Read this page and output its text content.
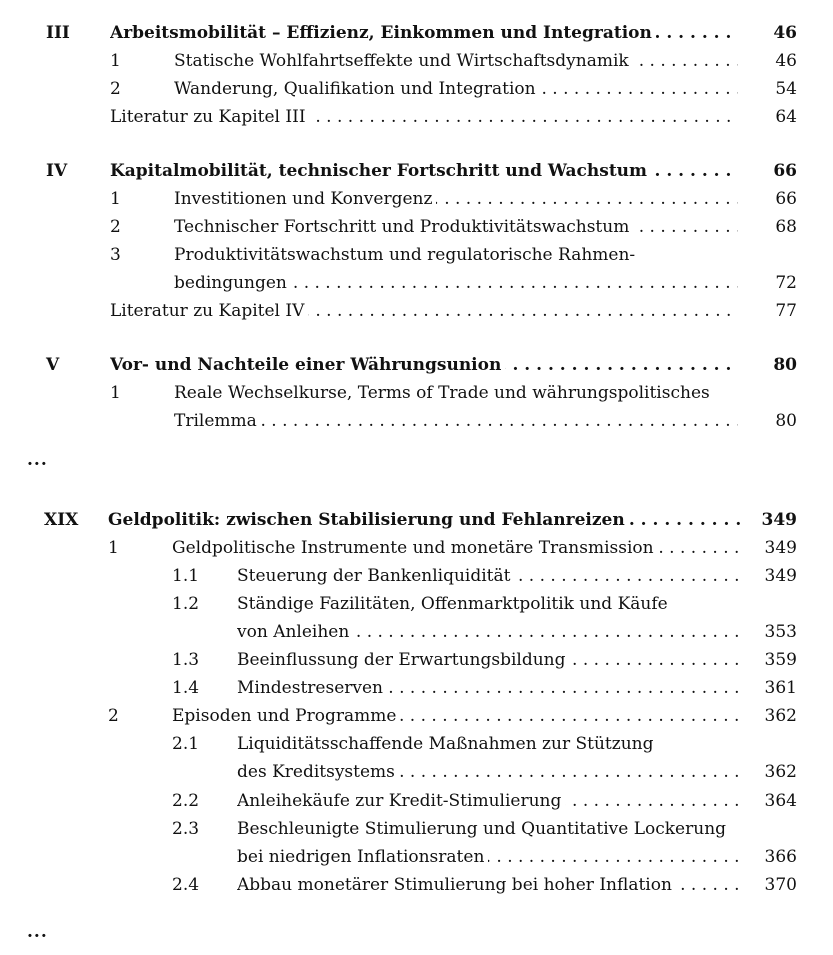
III Arbeitsmobilität – Effizienz, Einkommen und Integration . . .	46
1	Statische Wohlfahrtseffekte und Wirtschaftsdynamik . . .	46
2	Wanderung, Qualifikation und Integration . . .	54
Literatur zu Kapitel III . . .	64
IV	Kapitalmobilität, technischer Fortschritt und Wachstum . . .	66
1	Investitionen und Konvergenz . . .	66
2	Technischer Fortschritt und Produktivitätswachstum . . .	68
3	Produktivitätswachstum und regulatorische Rahmen-
bedingungen . . .	72
Literatur zu Kapitel IV . . .	77
V	Vor- und Nachteile einer Währungsunion . . .	80
1	Reale Wechselkurse, Terms of Trade und währungspolitisches
Trilemma . . .	80
...
XIX Geldpolitik: zwischen Stabilisierung und Fehlanreizen . . .	349
1	Geldpolitische Instrumente und monetäre Transmission . . .	349
1.1 Steuerung der Bankenliquidität . . .	349
1.2 Ständige Fazilitäten, Offenmarktpolitik und Käufe
von Anleihen . . .	353
1.3 Beeinflussung der Erwartungsbildung . . .	359
1.4 Mindestreserven . . .	361
2	Episoden und Programme . . .	362
2.1 Liquiditätsschaffende Maßnahmen zur Stützung
des Kreditsystems . . .	362
2.2 Anleihekäufe zur Kredit-Stimulierung . . .	364
2.3 Beschleunigte Stimulierung und Quantitative Lockerung
bei niedrigen Inflationsraten . . .	366
2.4 Abbau monetärer Stimulierung bei hoher Inflation . . .	370
...
